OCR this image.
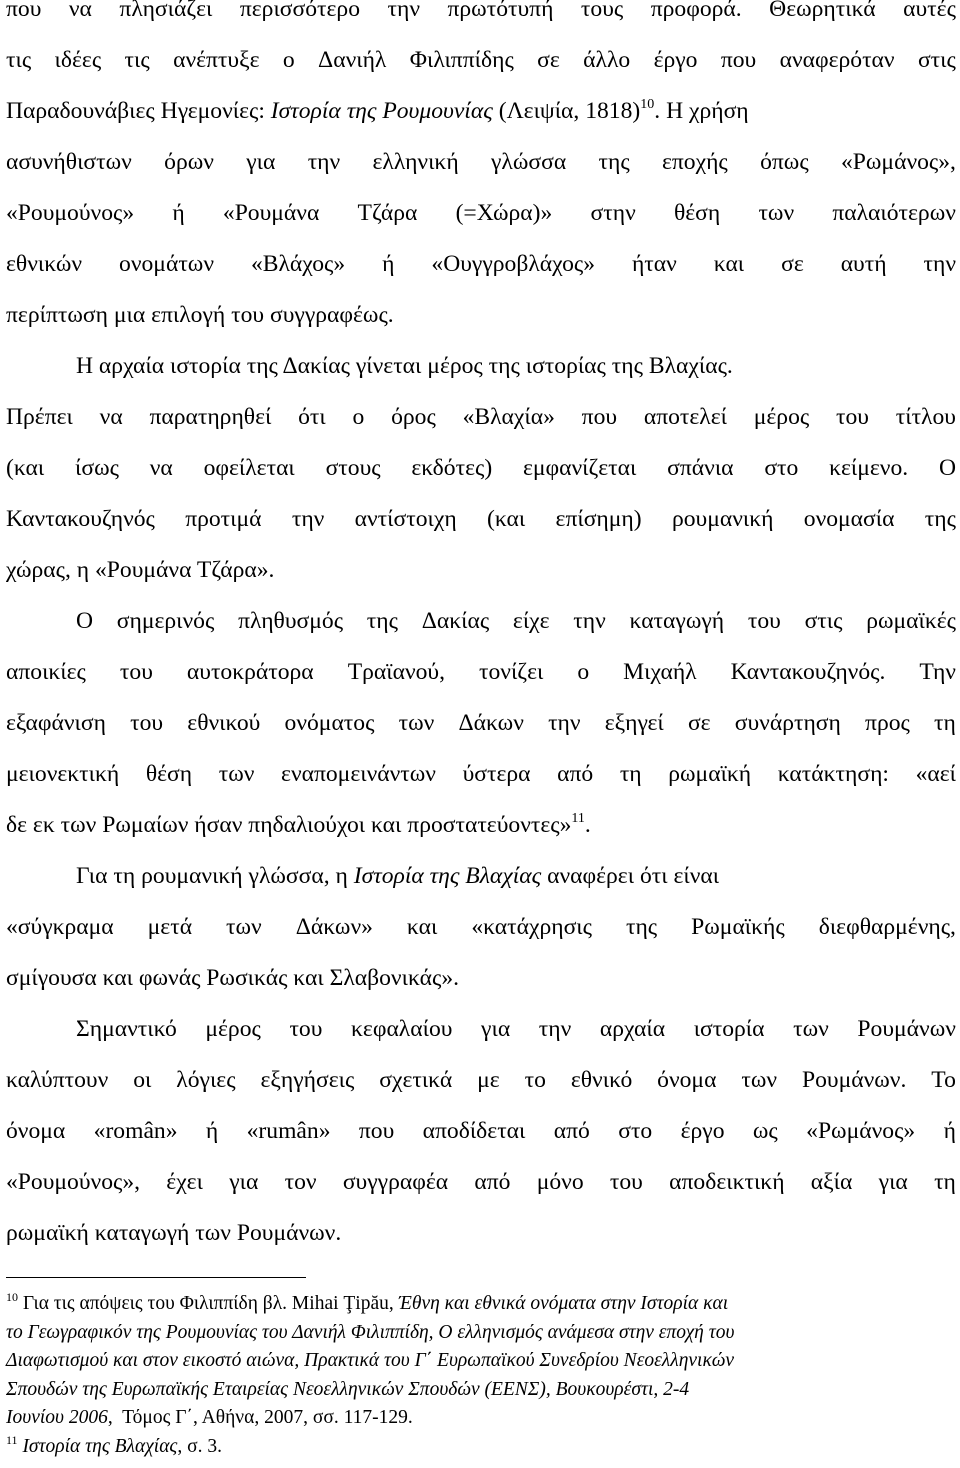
που να πλησιάζει περισσότερο την πρωτότυπή τους προφορά. Θεωρητικά αυτές
τις ιδέες τις ανέπτυξε ο Δανιήλ Φιλιππίδης σε άλλο έργο που αναφερόταν στις
Παραδουνάβιες Ηγεμονίες: Ιστορία της Ρουμουνίας (Λειψία, 1818)$^{10}$. Η χρήση
ασυνήθιστων όρων για την ελληνική γλώσσα της εποχής όπως «Ρωμάνος»,
«Ρουμούνος» ή «Ρουμάνα Τζάρα (=Χώρα)» στην θέση των παλαιότερων
εθνικών ονομάτων «Βλάχος» ή «Ουγγροβλάχος» ήταν και σε αυτή την
περίπτωση μια επιλογή του συγγραφέως.
Η αρχαία ιστορία της Δακίας γίνεται μέρος της ιστορίας της Βλαχίας.
Πρέπει να παρατηρηθεί ότι ο όρος «Βλαχία» που αποτελεί μέρος του τίτλου
(και ίσως να οφείλεται στους εκδότες) εμφανίζεται σπάνια στο κείμενο. Ο
Καντακουζηνός προτιμά την αντίστοιχη (και επίσημη) ρουμανική ονομασία της
χώρας, η «Ρουμάνα Τζάρα».
Ο σημερινός πληθυσμός της Δακίας είχε την καταγωγή του στις ρωμαϊκές
αποικίες του αυτοκράτορα Τραϊανού, τονίζει ο Μιχαήλ Καντακουζηνός. Την
εξαφάνιση του εθνικού ονόματος των Δάκων την εξηγεί σε συνάρτηση προς τη
μειονεκτική θέση των εναπομεινάντων ύστερα από τη ρωμαϊκή κατάκτηση: «αεί
δε εκ των Ρωμαίων ήσαν πηδαλιούχοι και προστατεύοντες»$^{11}$.
Για τη ρουμανική γλώσσα, η Ιστορία της Βλαχίας αναφέρει ότι είναι
«σύγκραμα μετά των Δάκων» και «κατάχρησις της Ρωμαϊκής διεφθαρμένης,
σμίγουσα και φωνάς Ρωσικάς και Σλαβονικάς».
Σημαντικό μέρος του κεφαλαίου για την αρχαία ιστορία των Ρουμάνων
καλύπτουν οι λόγιες εξηγήσεις σχετικά με το εθνικό όνομα των Ρουμάνων. Το
όνομα «român» ή «rumân» που αποδίδεται από στο έργο ως «Ρωμάνος» ή
«Ρουμούνος», έχει για τον συγγραφέα από μόνο του αποδεικτική αξία για τη
ρωμαϊκή καταγωγή των Ρουμάνων.
$^{10}$ Για τις απόψεις του Φιλιππίδη βλ. Mihai Ţipău, Έθνη και εθνικά ονόματα στην Ιστορία και
το Γεωγραφικόν της Ρουμουνίας του Δανιήλ Φιλιππίδη, Ο ελληνισμός ανάμεσα στην εποχή του
Διαφωτισμού και στον εικοστό αιώνα, Πρακτικά του Γ΄ Ευρωπαϊκού Συνεδρίου Νεοελληνικών
Σπουδών της Ευρωπαϊκής Εταιρείας Νεοελληνικών Σπουδών (ΕΕΝΣ), Βουκουρέστι, 2-4
Ιουνίου 2006,  Τόμος Γ΄, Αθήνα, 2007, σσ. 117-129.
$^{11}$ Ιστορία της Βλαχίας, σ. 3.
